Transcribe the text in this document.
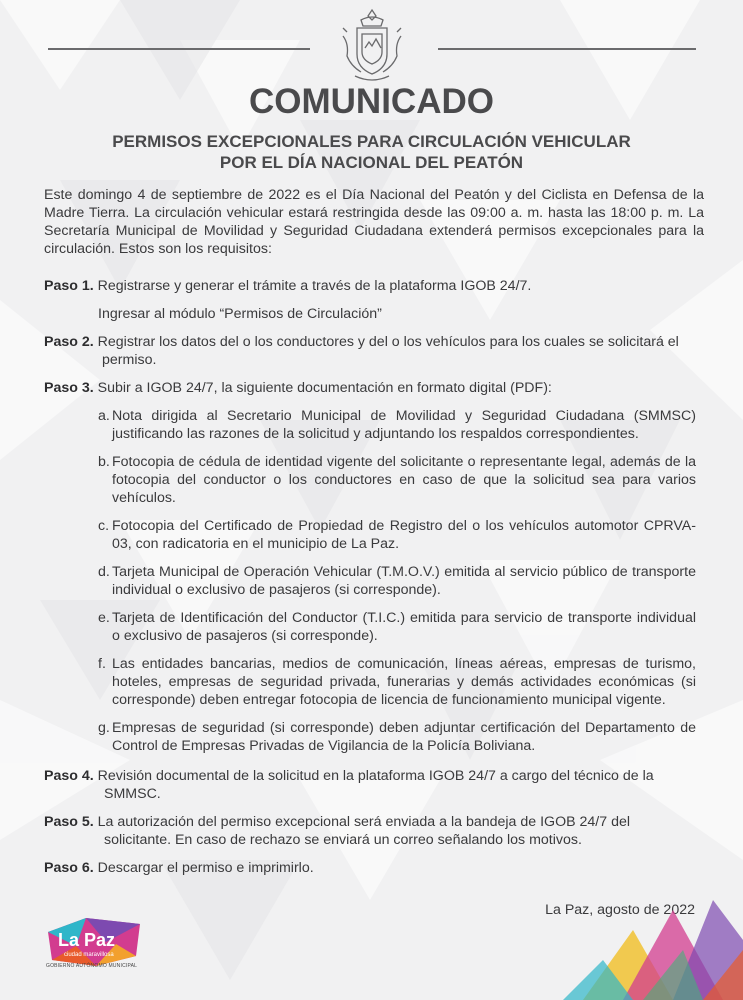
COMUNICADO
PERMISOS EXCEPCIONALES PARA CIRCULACIÓN VEHICULAR
POR EL DÍA NACIONAL DEL PEATÓN
Este domingo 4 de septiembre de 2022 es el Día Nacional del Peatón y del Ciclista en Defensa de la Madre Tierra. La circulación vehicular estará restringida desde las 09:00 a. m. hasta las 18:00 p. m. La Secretaría Municipal de Movilidad y Seguridad Ciudadana extenderá permisos excepcionales para la circulación. Estos son los requisitos:
Paso 1. Registrarse y generar el trámite a través de la plataforma IGOB 24/7.
Ingresar al módulo “Permisos de Circulación”
Paso 2. Registrar los datos del o los conductores y del o los vehículos para los cuales se solicitará el
permiso.
Paso 3. Subir a IGOB 24/7, la siguiente documentación en formato digital (PDF):
a. Nota dirigida al Secretario Municipal de Movilidad y Seguridad Ciudadana (SMMSC) justificando las razones de la solicitud y adjuntando los respaldos correspondientes.
b. Fotocopia de cédula de identidad vigente del solicitante o representante legal, además de la fotocopia del conductor o los conductores en caso de que la solicitud sea para varios vehículos.
c. Fotocopia del Certificado de Propiedad de Registro del o los vehículos automotor CPRVA-03, con radicatoria en el municipio de La Paz.
d. Tarjeta Municipal de Operación Vehicular (T.M.O.V.) emitida al servicio público de transporte individual o exclusivo de pasajeros (si corresponde).
e. Tarjeta de Identificación del Conductor (T.I.C.) emitida para servicio de transporte individual o exclusivo de pasajeros (si corresponde).
f. Las entidades bancarias, medios de comunicación, líneas aéreas, empresas de turismo, hoteles, empresas de seguridad privada, funerarias y demás actividades económicas (si corresponde) deben entregar fotocopia de licencia de funcionamiento municipal vigente.
g. Empresas de seguridad (si corresponde) deben adjuntar certificación del Departamento de Control de Empresas Privadas de Vigilancia de la Policía Boliviana.
Paso 4. Revisión documental de la solicitud en la plataforma IGOB 24/7 a cargo del técnico de la
SMMSC.
Paso 5. La autorización del permiso excepcional será enviada a la bandeja de IGOB 24/7 del
solicitante. En caso de rechazo se enviará un correo señalando los motivos.
Paso 6. Descargar el permiso e imprimirlo.
La Paz, agosto de 2022
La Paz
ciudad maravillosa
GOBIERNO AUTÓNOMO MUNICIPAL
